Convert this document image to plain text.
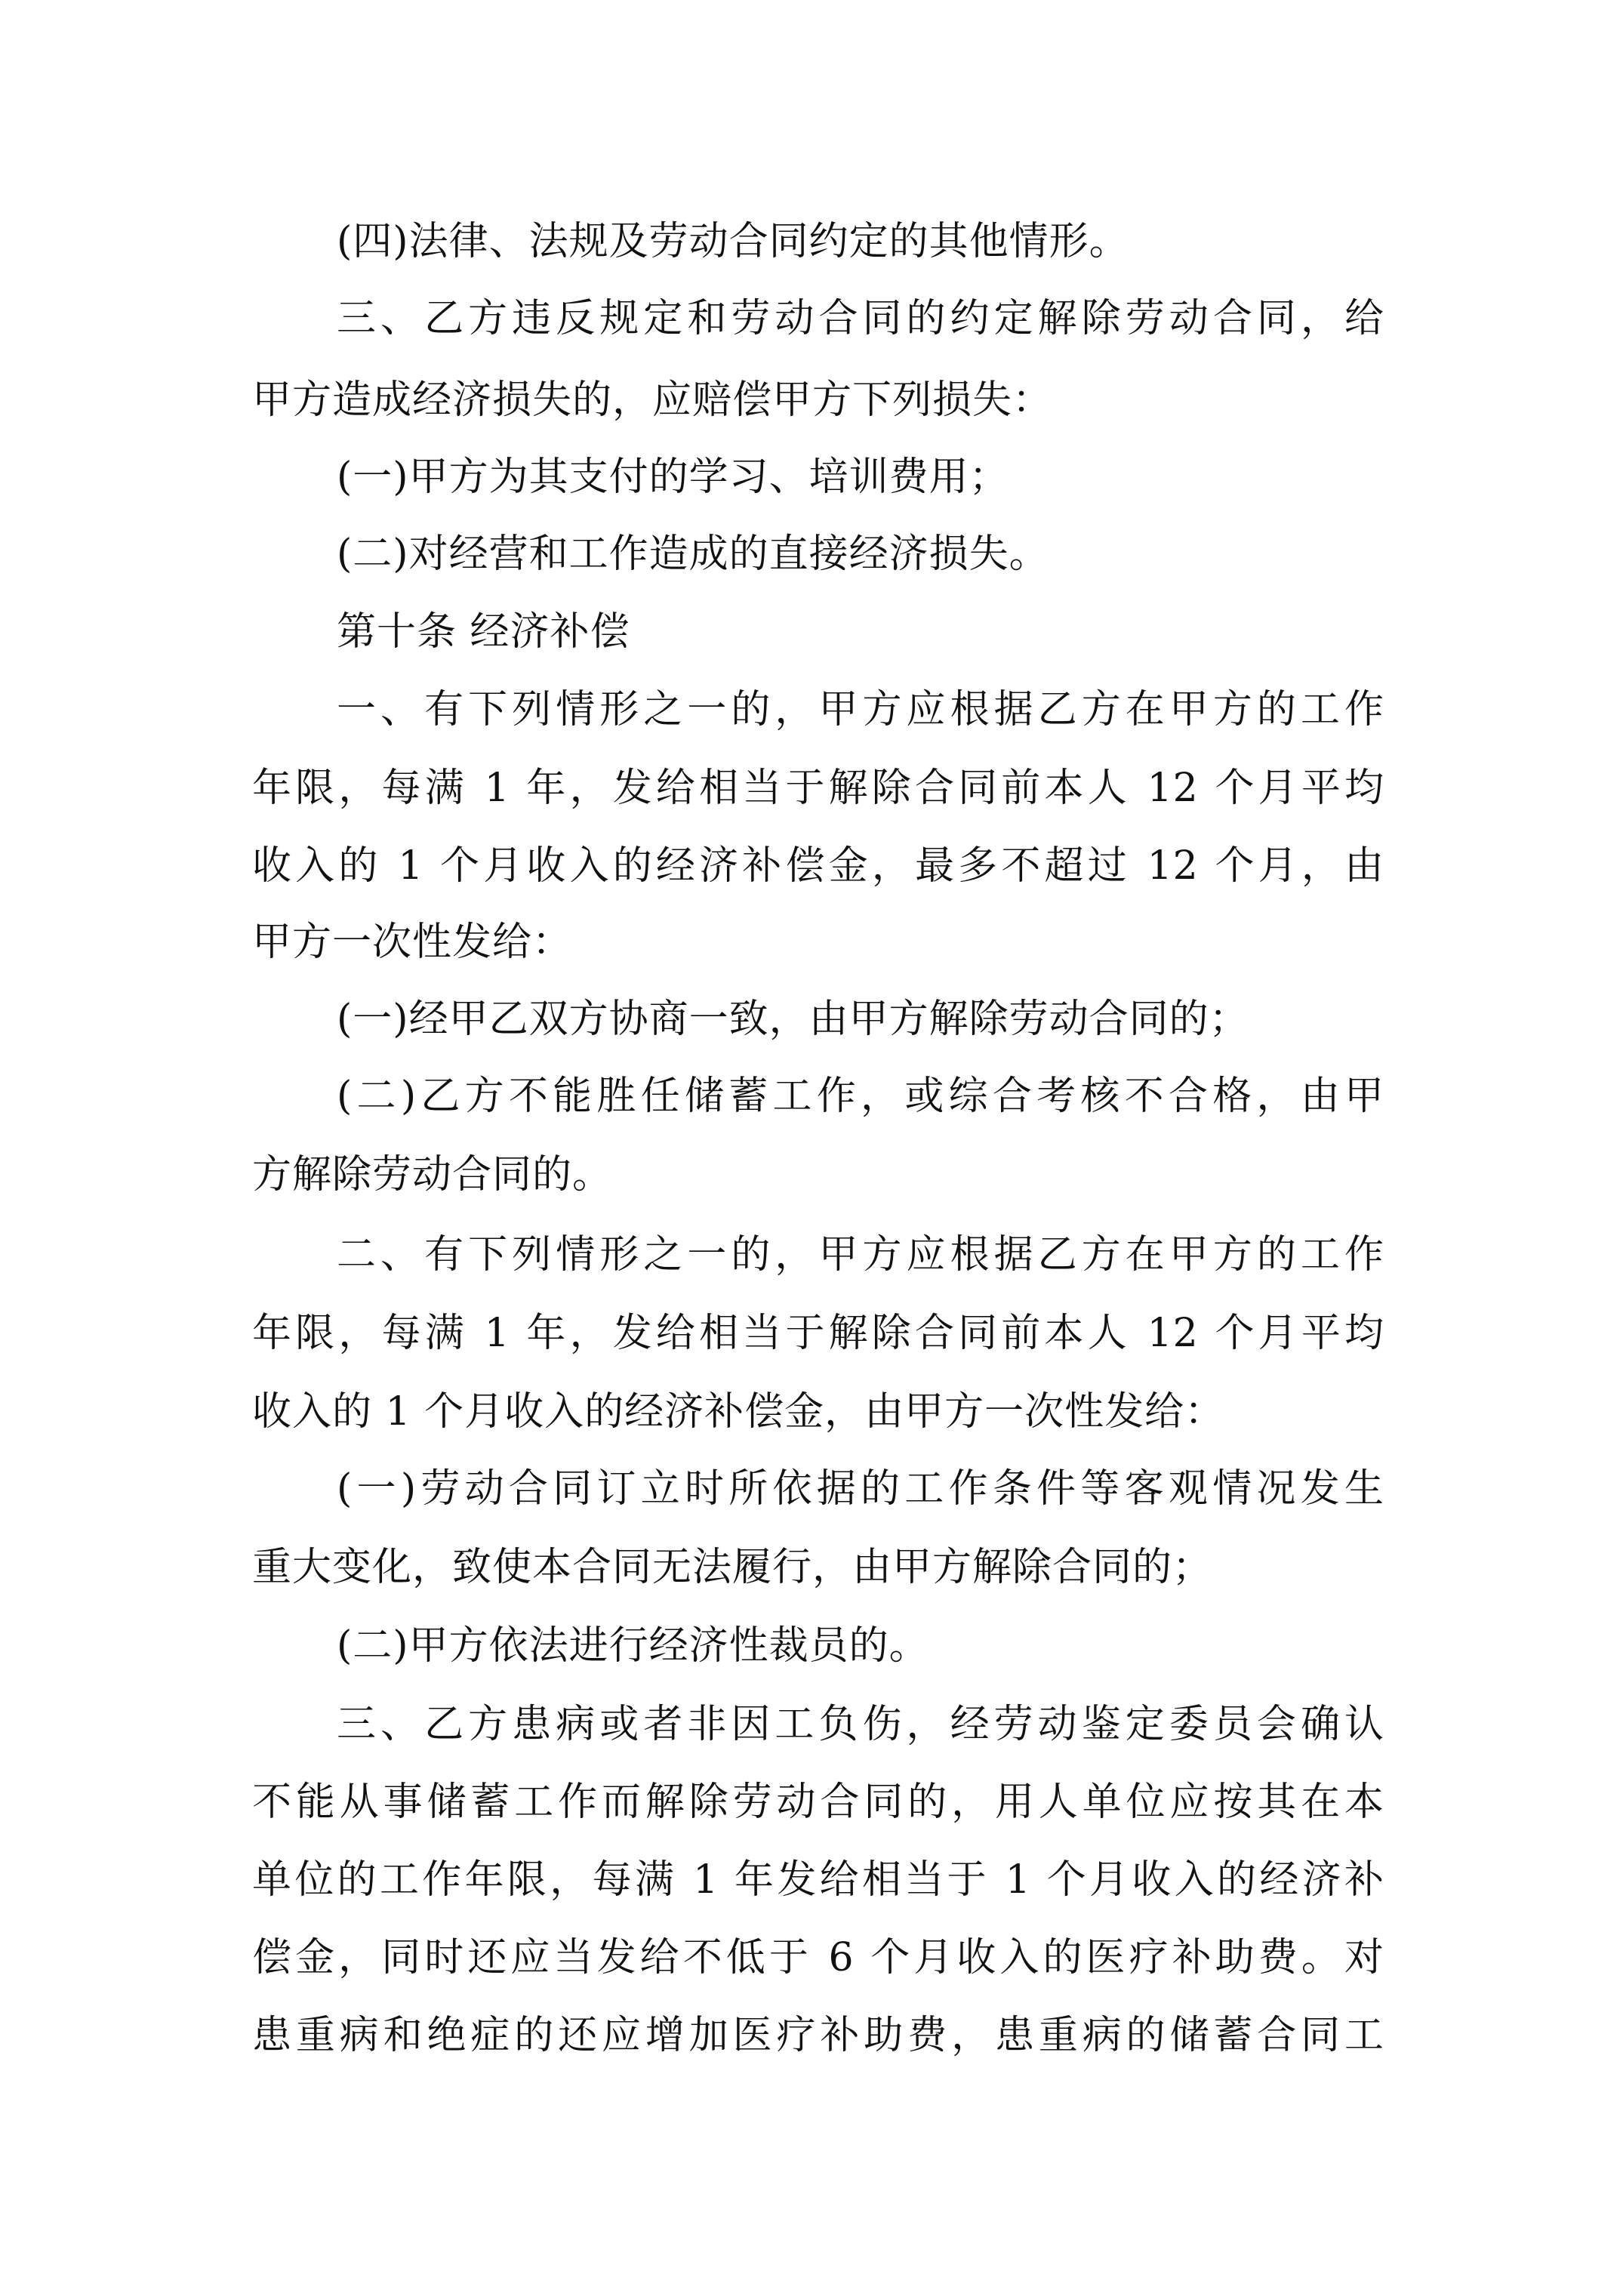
(四)法律、法规及劳动合同约定的其他情形。
三、乙方违反规定和劳动合同的约定解除劳动合同，给
甲方造成经济损失的，应赔偿甲方下列损失：
(一)甲方为其支付的学习、培训费用；
(二)对经营和工作造成的直接经济损失。
第十条 经济补偿
一、有下列情形之一的，甲方应根据乙方在甲方的工作
年限，每满 1 年，发给相当于解除合同前本人 12 个月平均
收入的 1 个月收入的经济补偿金，最多不超过 12 个月，由
甲方一次性发给：
(一)经甲乙双方协商一致，由甲方解除劳动合同的；
(二)乙方不能胜任储蓄工作，或综合考核不合格，由甲
方解除劳动合同的。
二、有下列情形之一的，甲方应根据乙方在甲方的工作
年限，每满 1 年，发给相当于解除合同前本人 12 个月平均
收入的 1 个月收入的经济补偿金，由甲方一次性发给：
(一)劳动合同订立时所依据的工作条件等客观情况发生
重大变化，致使本合同无法履行，由甲方解除合同的；
(二)甲方依法进行经济性裁员的。
三、乙方患病或者非因工负伤，经劳动鉴定委员会确认
不能从事储蓄工作而解除劳动合同的，用人单位应按其在本
单位的工作年限，每满 1 年发给相当于 1 个月收入的经济补
偿金，同时还应当发给不低于 6 个月收入的医疗补助费。对
患重病和绝症的还应增加医疗补助费，患重病的储蓄合同工
